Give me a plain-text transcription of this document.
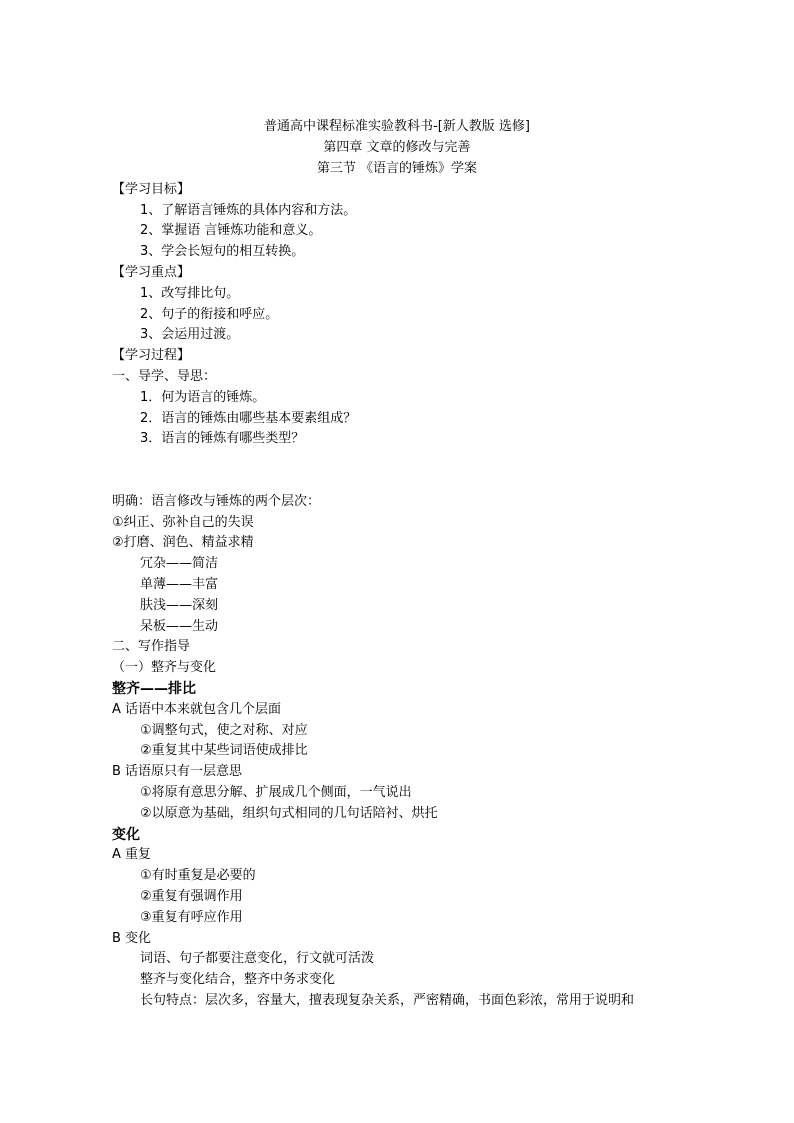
普通高中课程标准实验教科书-[新人教版 选修]
第四章 文章的修改与完善
第三节 《语言的锤炼》学案
【学习目标】
1、了解语言锤炼的具体内容和方法。
2、掌握语 言锤炼功能和意义。
3、学会长短句的相互转换。
【学习重点】
1、改写排比句。
2、句子的衔接和呼应。
3、会运用过渡。
【学习过程】
一、导学、导思：
1．何为语言的锤炼。
2．语言的锤炼由哪些基本要素组成？
3．语言的锤炼有哪些类型？
明确：语言修改与锤炼的两个层次：
①纠正、弥补自己的失误
②打磨、润色、精益求精
冗杂——简洁
单薄——丰富
肤浅——深刻
呆板——生动
二、写作指导
（一）整齐与变化
整齐——排比
A 话语中本来就包含几个层面
①调整句式，使之对称、对应
②重复其中某些词语使成排比
B 话语原只有一层意思
①将原有意思分解、扩展成几个侧面，一气说出
②以原意为基础，组织句式相同的几句话陪衬、烘托
变化
A 重复
①有时重复是必要的
②重复有强调作用
③重复有呼应作用
B 变化
词语、句子都要注意变化，行文就可活泼
整齐与变化结合，整齐中务求变化
长句特点：层次多，容量大，擅表现复杂关系，严密精确，书面色彩浓，常用于说明和
